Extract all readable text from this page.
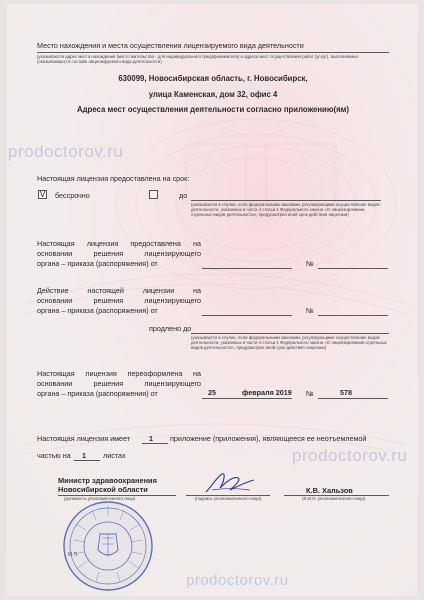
prodoctorov.ru
prodoctorov.ru
prodoctorov.ru
Место нахождения и места осуществления лицензируемого вида деятельности
(указываются адрес места нахождения (место жительства - для индивидуального предпринимателя) и адреса мест осуществления работ (услуг), выполняемых (оказываемых) в составе лицензируемого вида деятельности)
630099, Новосибирская область, г. Новосибирск,
улица Каменская, дом 32, офис 4
Адреса мест осуществления деятельности согласно приложению(ям)
Настоящая лицензия предоставлена на срок:
V бессрочно	до
(указывается в случае, если федеральными законами, регулирующими осуществление видов деятельности, указанных в части 4 статьи 1 Федерального закона «О лицензировании отдельных видов деятельности», предусмотрен иной срок действия лицензии)
Настоящая лицензия предоставлена на
основании решения лицензирующего
органа – приказа (распоряжения) от	№
Действие настоящей лицензии на
основании решения лицензирующего
органа – приказа (распоряжения) от	№
продлено до
(указывается в случае, если федеральными законами, регулирующими осуществление видов деятельности, указанных в части 4 статьи 1 Федерального закона «О лицензировании отдельных видов деятельности», предусмотрен иной срок действия лицензии)
Настоящая лицензия переоформлена на
основании решения лицензирующего
органа – приказа (распоряжения) от	25	февраля 2019 №	578
Настоящая лицензия имеет	1 приложение (приложения), являющееся ее неотъемлемой
частью на 1 листах
Министр здравоохранения
Новосибирской области
(должность уполномоченного лица)	(подпись уполномоченного лица)
К.В. Хальзов
(Ф.И.О. уполномоченного лица)
М.П.
